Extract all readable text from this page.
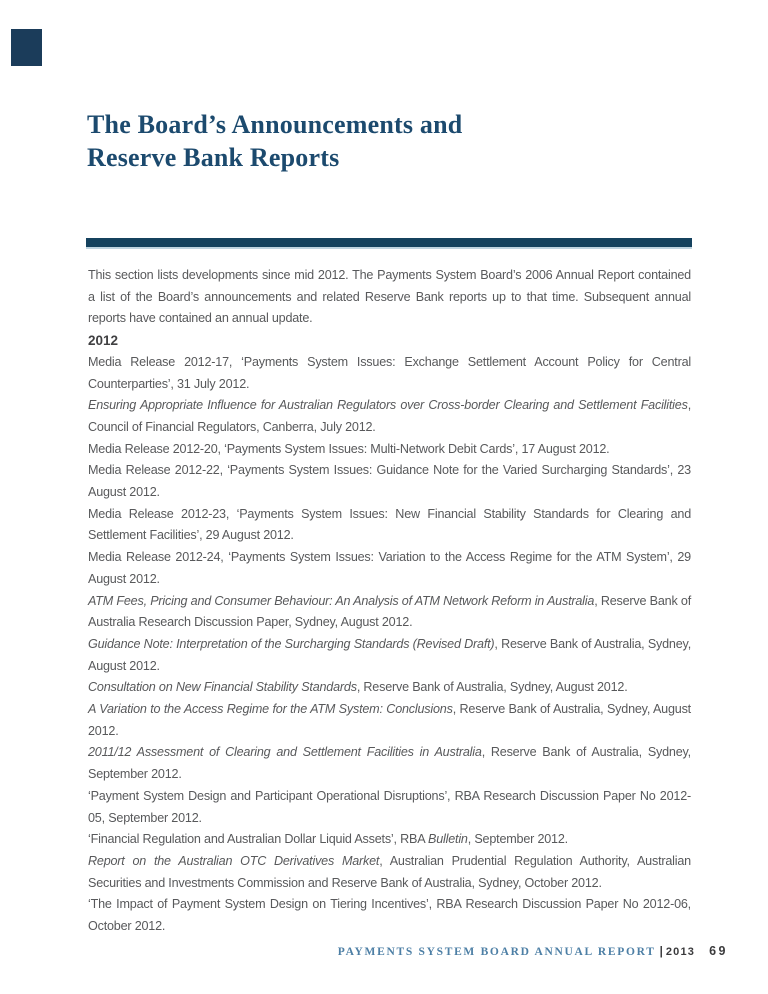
The Board’s Announcements and
Reserve Bank Reports

This section lists developments since mid 2012. The Payments System Board’s 2006 Annual Report contained a list of the Board’s announcements and related Reserve Bank reports up to that time. Subsequent annual reports have contained an annual update.

2012

Media Release 2012-17, ‘Payments System Issues: Exchange Settlement Account Policy for Central Counterparties’, 31 July 2012.

Ensuring Appropriate Influence for Australian Regulators over Cross-border Clearing and Settlement Facilities, Council of Financial Regulators, Canberra, July 2012.

Media Release 2012-20, ‘Payments System Issues: Multi-Network Debit Cards’, 17 August 2012.

Media Release 2012-22, ‘Payments System Issues: Guidance Note for the Varied Surcharging Standards’, 23 August 2012.

Media Release 2012-23, ‘Payments System Issues: New Financial Stability Standards for Clearing and Settlement Facilities’, 29 August 2012.

Media Release 2012-24, ‘Payments System Issues: Variation to the Access Regime for the ATM System’, 29 August 2012.

ATM Fees, Pricing and Consumer Behaviour: An Analysis of ATM Network Reform in Australia, Reserve Bank of Australia Research Discussion Paper, Sydney, August 2012.

Guidance Note: Interpretation of the Surcharging Standards (Revised Draft), Reserve Bank of Australia, Sydney, August 2012.

Consultation on New Financial Stability Standards, Reserve Bank of Australia, Sydney, August 2012.

A Variation to the Access Regime for the ATM System: Conclusions, Reserve Bank of Australia, Sydney, August 2012.

2011/12 Assessment of Clearing and Settlement Facilities in Australia, Reserve Bank of Australia, Sydney, September 2012.

‘Payment System Design and Participant Operational Disruptions’, RBA Research Discussion Paper No 2012-05, September 2012.

‘Financial Regulation and Australian Dollar Liquid Assets’, RBA Bulletin, September 2012.

Report on the Australian OTC Derivatives Market, Australian Prudential Regulation Authority, Australian Securities and Investments Commission and Reserve Bank of Australia, Sydney, October 2012.

‘The Impact of Payment System Design on Tiering Incentives’, RBA Research Discussion Paper No 2012-06, October 2012.

PAYMENTS SYSTEM BOARD ANNUAL REPORT | 2013 69
